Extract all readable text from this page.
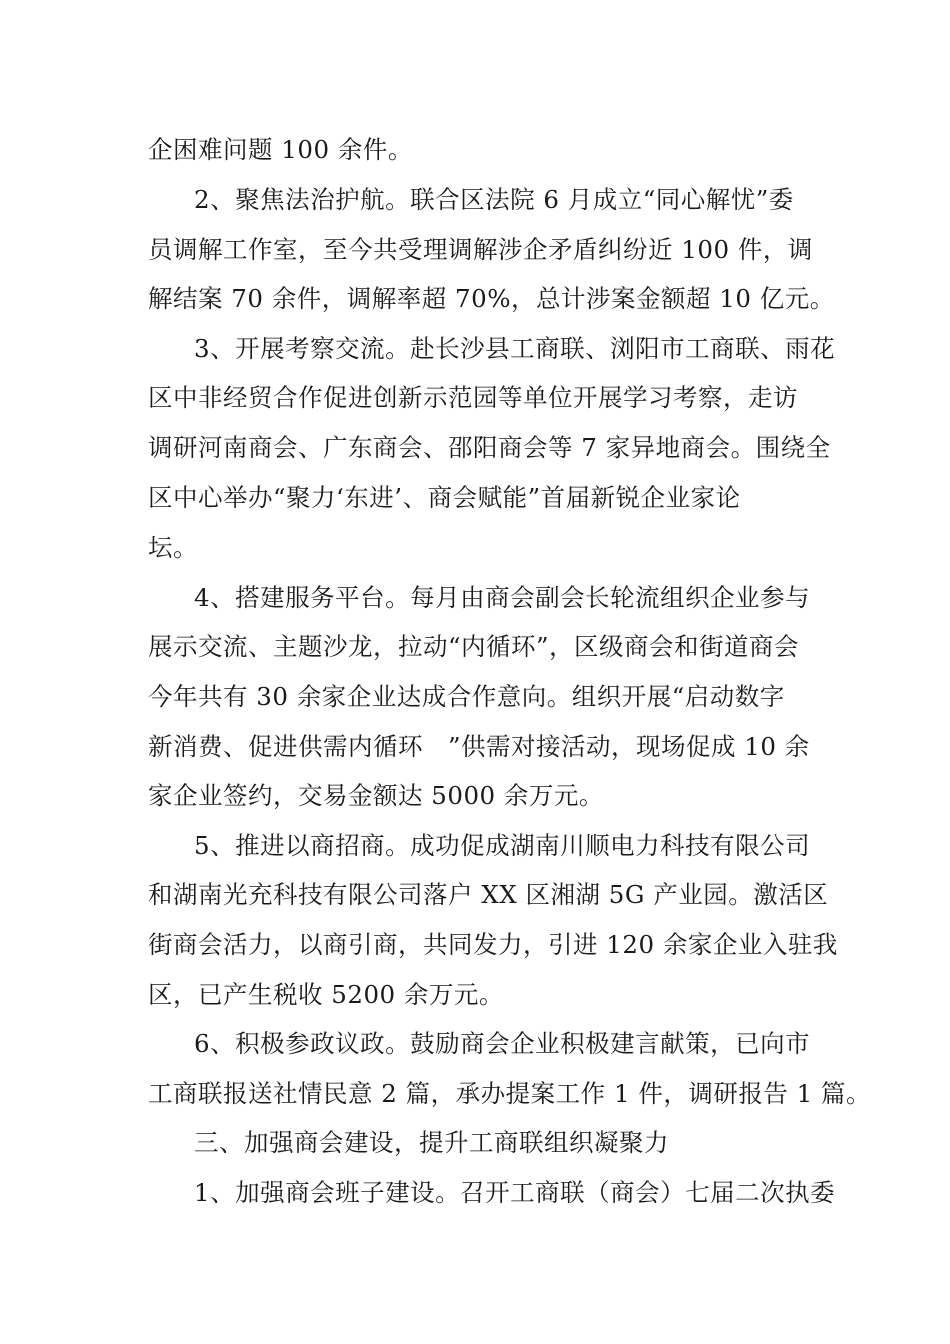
企困难问题 100 余件。
2、聚焦法治护航。联合区法院 6 月成立“同心解忧”委
员调解工作室，至今共受理调解涉企矛盾纠纷近 100 件，调
解结案 70 余件，调解率超 70%，总计涉案金额超 10 亿元。
3、开展考察交流。赴长沙县工商联、浏阳市工商联、雨花
区中非经贸合作促进创新示范园等单位开展学习考察，走访
调研河南商会、广东商会、邵阳商会等 7 家异地商会。围绕全
区中心举办“聚力‘东进’、商会赋能”首届新锐企业家论
坛。
4、搭建服务平台。每月由商会副会长轮流组织企业参与
展示交流、主题沙龙，拉动“内循环”，区级商会和街道商会
今年共有 30 余家企业达成合作意向。组织开展“启动数字
新消费、促进供需内循环　”供需对接活动，现场促成 10 余
家企业签约，交易金额达 5000 余万元。
5、推进以商招商。成功促成湖南川顺电力科技有限公司
和湖南光充科技有限公司落户 XX 区湘湖 5G 产业园。激活区
街商会活力，以商引商，共同发力，引进 120 余家企业入驻我
区，已产生税收 5200 余万元。
6、积极参政议政。鼓励商会企业积极建言献策，已向市
工商联报送社情民意 2 篇，承办提案工作 1 件，调研报告 1 篇。
三、加强商会建设，提升工商联组织凝聚力
1、加强商会班子建设。召开工商联（商会）七届二次执委
